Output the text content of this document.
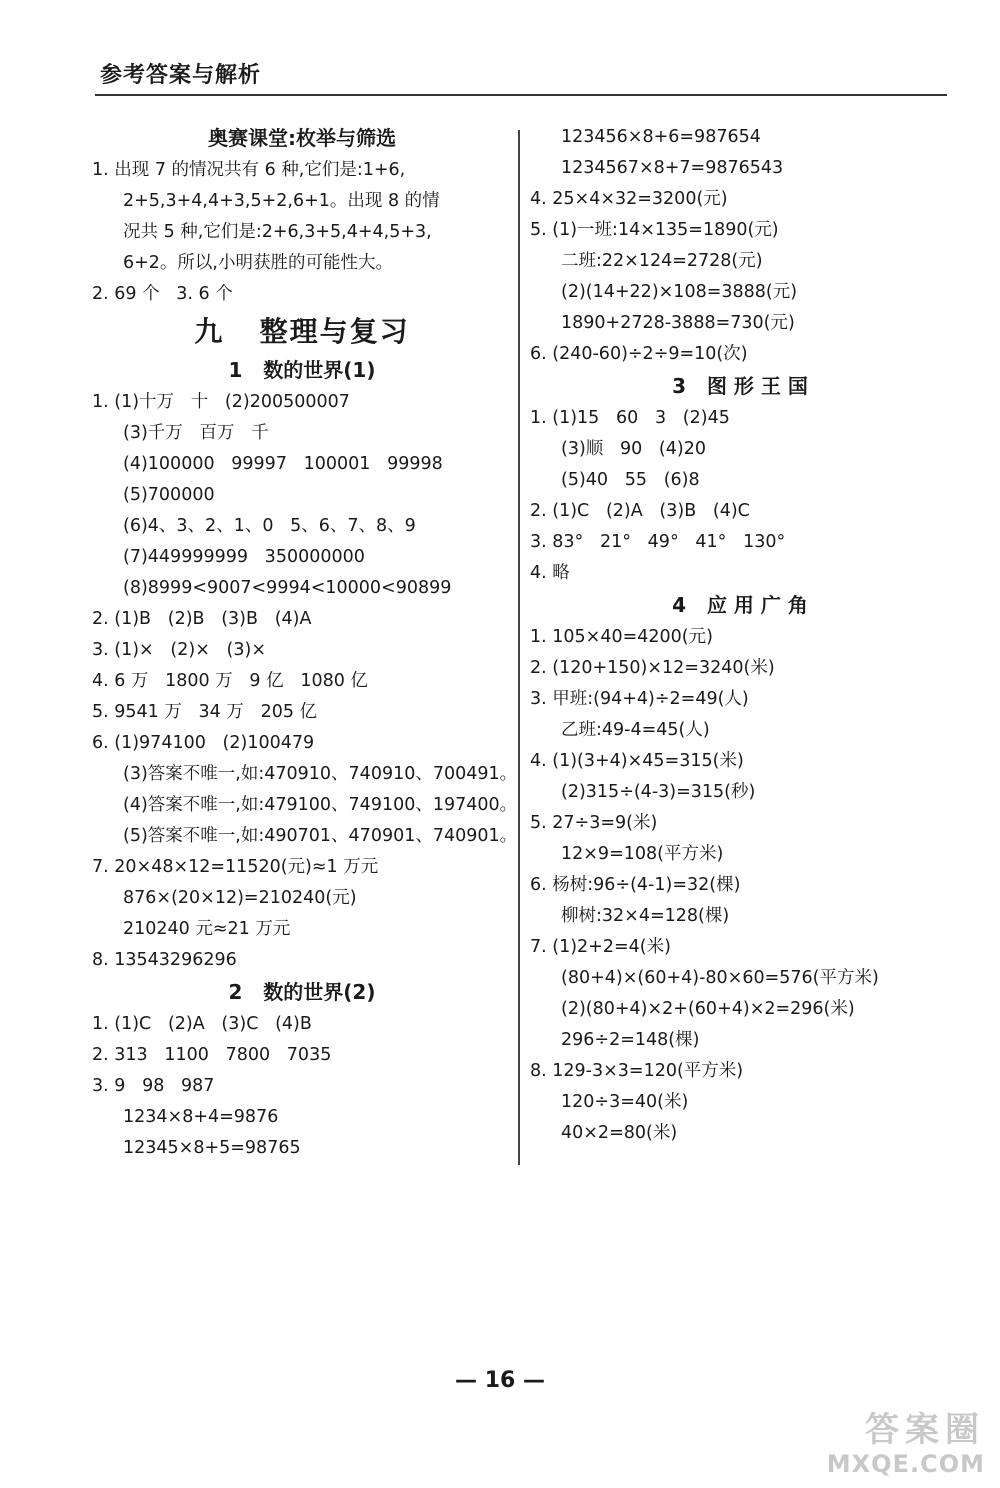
参考答案与解析
奥赛课堂:枚举与筛选
1. 出现 7 的情况共有 6 种,它们是:1+6,
2+5,3+4,4+3,5+2,6+1。出现 8 的情
况共 5 种,它们是:2+6,3+5,4+4,5+3,
6+2。所以,小明获胜的可能性大。
2. 69 个   3. 6 个
九   整理与复习
1   数的世界(1)
1. (1)十万   十   (2)200500007
(3)千万   百万   千
(4)100000   99997   100001   99998
(5)700000
(6)4、3、2、1、0   5、6、7、8、9
(7)449999999   350000000
(8)8999<9007<9994<10000<90899
2. (1)B   (2)B   (3)B   (4)A
3. (1)×   (2)×   (3)×
4. 6 万   1800 万   9 亿   1080 亿
5. 9541 万   34 万   205 亿
6. (1)974100   (2)100479
(3)答案不唯一,如:470910、740910、700491。
(4)答案不唯一,如:479100、749100、197400。
(5)答案不唯一,如:490701、470901、740901。
7. 20×48×12=11520(元)≈1 万元
876×(20×12)=210240(元)
210240 元≈21 万元
8. 13543296296
2   数的世界(2)
1. (1)C   (2)A   (3)C   (4)B
2. 313   1100   7800   7035
3. 9   98   987
1234×8+4=9876
12345×8+5=98765
123456×8+6=987654
1234567×8+7=9876543
4. 25×4×32=3200(元)
5. (1)一班:14×135=1890(元)
二班:22×124=2728(元)
(2)(14+22)×108=3888(元)
1890+2728-3888=730(元)
6. (240-60)÷2÷9=10(次)
3   图 形 王 国
1. (1)15   60   3   (2)45
(3)顺   90   (4)20
(5)40   55   (6)8
2. (1)C   (2)A   (3)B   (4)C
3. 83°   21°   49°   41°   130°
4. 略
4   应 用 广 角
1. 105×40=4200(元)
2. (120+150)×12=3240(米)
3. 甲班:(94+4)÷2=49(人)
乙班:49-4=45(人)
4. (1)(3+4)×45=315(米)
(2)315÷(4-3)=315(秒)
5. 27÷3=9(米)
12×9=108(平方米)
6. 杨树:96÷(4-1)=32(棵)
柳树:32×4=128(棵)
7. (1)2+2=4(米)
(80+4)×(60+4)-80×60=576(平方米)
(2)(80+4)×2+(60+4)×2=296(米)
296÷2=148(棵)
8. 129-3×3=120(平方米)
120÷3=40(米)
40×2=80(米)
— 16 —
答案圈
MXQE.COM
